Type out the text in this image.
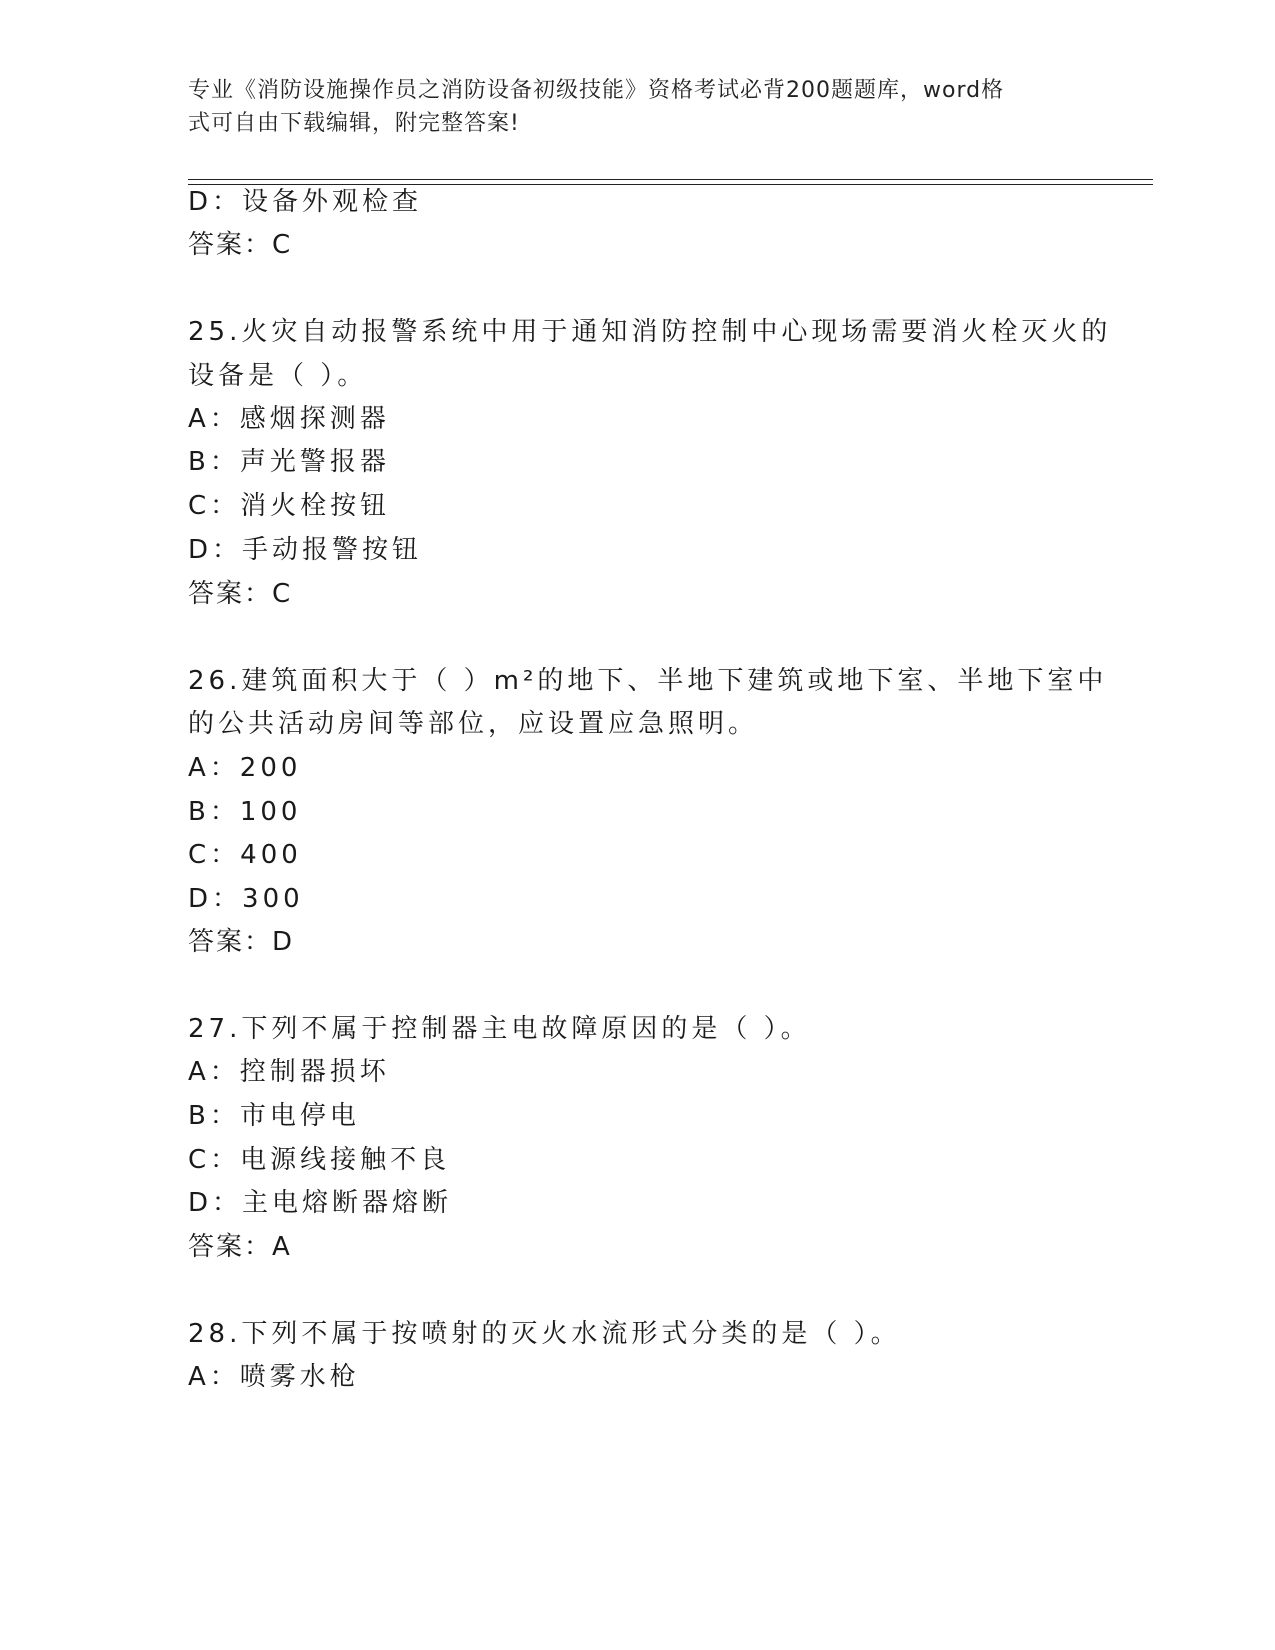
专业《消防设施操作员之消防设备初级技能》资格考试必背200题题库，word格
式可自由下载编辑，附完整答案!
D：设备外观检查
答案：C
25.火灾自动报警系统中用于通知消防控制中心现场需要消火栓灭火的
设备是（ ）。
A：感烟探测器
B：声光警报器
C：消火栓按钮
D：手动报警按钮
答案：C
26.建筑面积大于（ ）m²的地下、半地下建筑或地下室、半地下室中
的公共活动房间等部位，应设置应急照明。
A：200
B：100
C：400
D：300
答案：D
27.下列不属于控制器主电故障原因的是（ ）。
A：控制器损坏
B：市电停电
C：电源线接触不良
D：主电熔断器熔断
答案：A
28.下列不属于按喷射的灭火水流形式分类的是（ ）。
A：喷雾水枪
